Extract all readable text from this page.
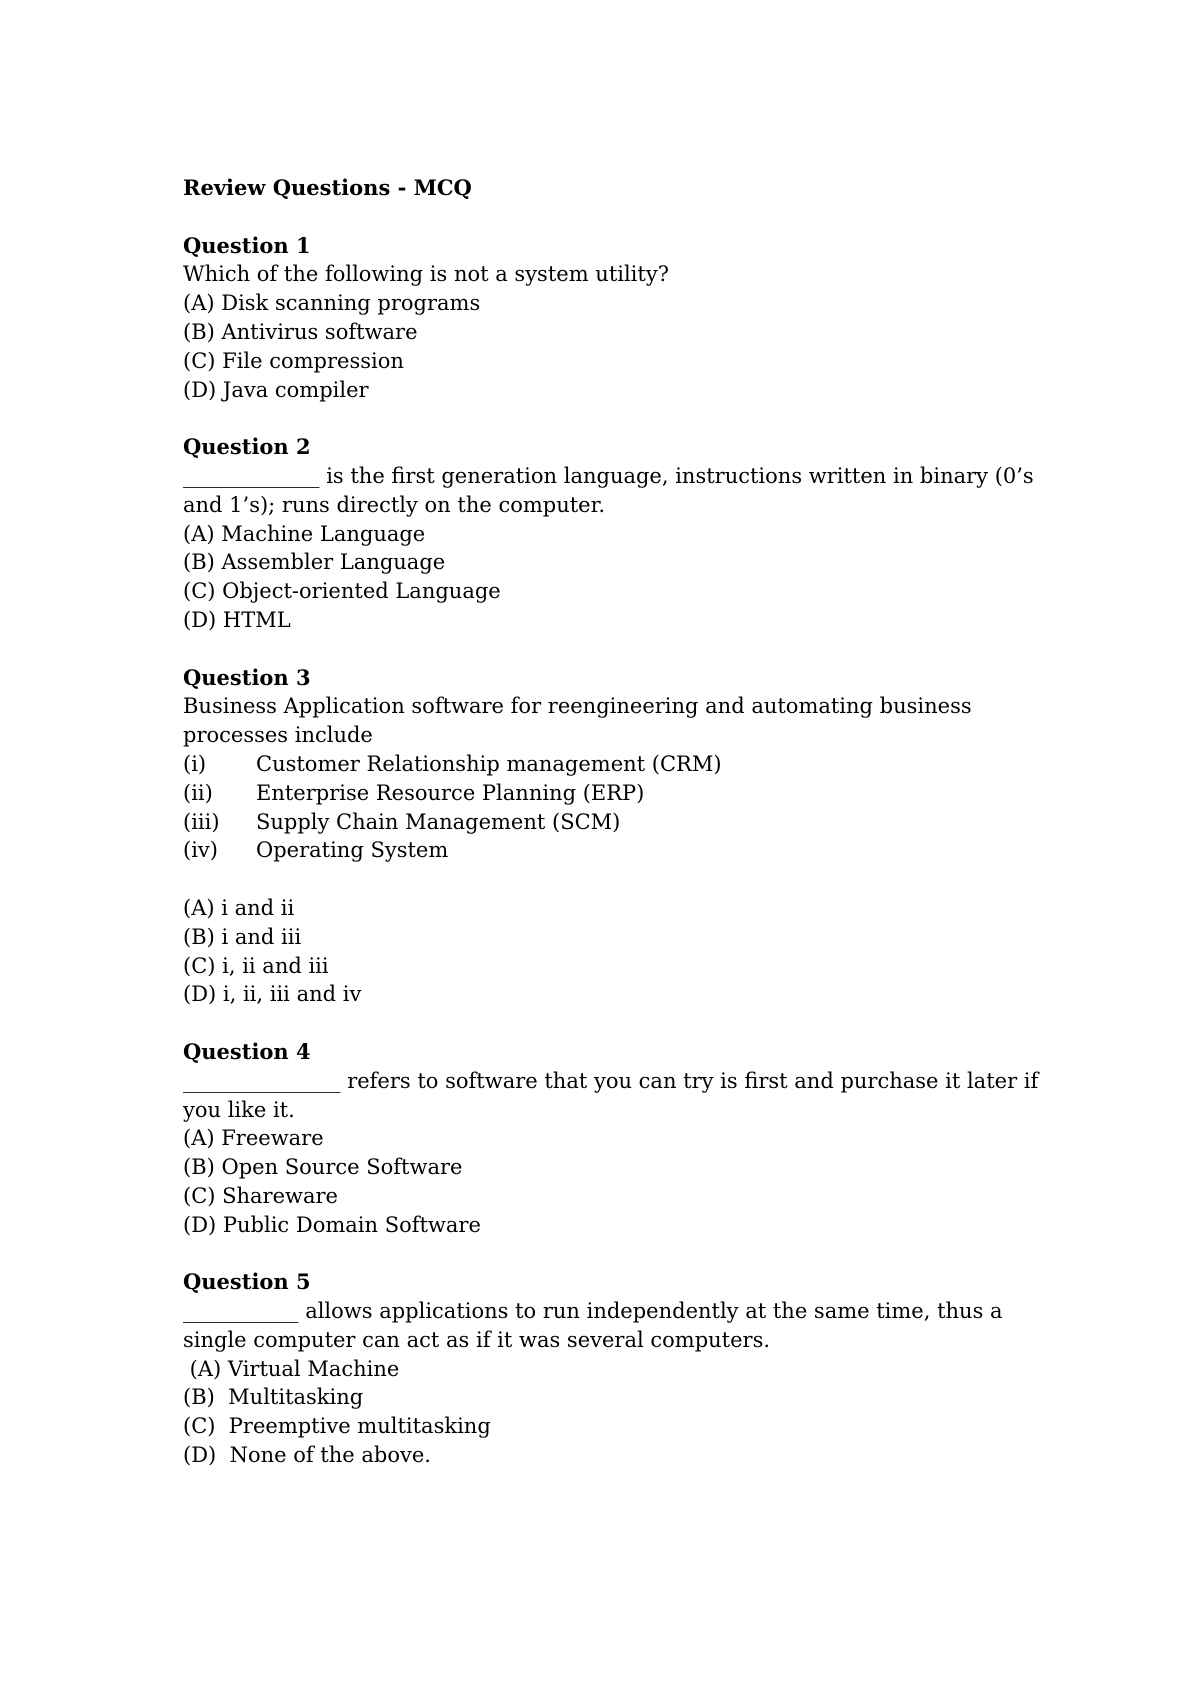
Review Questions - MCQ
Question 1
Which of the following is not a system utility?
(A) Disk scanning programs
(B) Antivirus software
(C) File compression
(D) Java compiler
Question 2
_____________ is the first generation language, instructions written in binary (0’s
and 1’s); runs directly on the computer.
(A) Machine Language
(B) Assembler Language
(C) Object-oriented Language
(D) HTML
Question 3
Business Application software for reengineering and automating business
processes include
(i)	Customer Relationship management (CRM)
(ii)	Enterprise Resource Planning (ERP)
(iii)	Supply Chain Management (SCM)
(iv)	Operating System
(A) i and ii
(B) i and iii
(C) i, ii and iii
(D) i, ii, iii and iv
Question 4
_______________ refers to software that you can try is first and purchase it later if
you like it.
(A) Freeware
(B) Open Source Software
(C) Shareware
(D) Public Domain Software
Question 5
___________ allows applications to run independently at the same time, thus a
single computer can act as if it was several computers.
(A) Virtual Machine
(B)  Multitasking
(C)  Preemptive multitasking
(D)  None of the above.
